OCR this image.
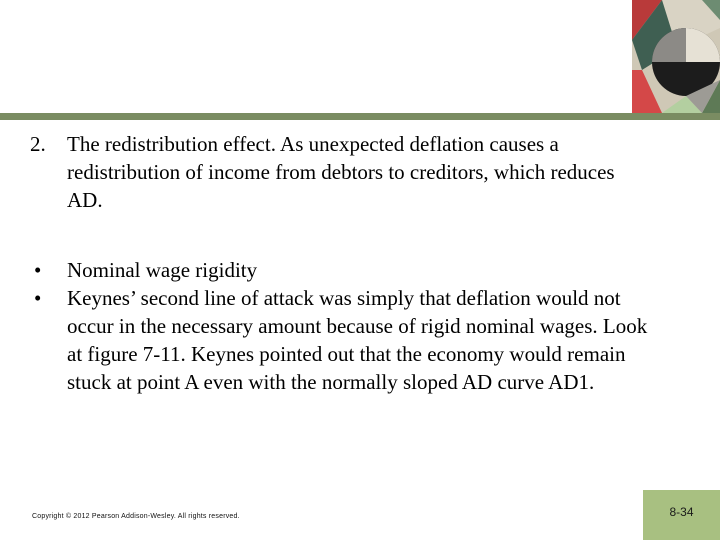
2.	The redistribution effect. As unexpected deflation causes a redistribution of income from debtors to creditors, which reduces AD.
•	Nominal wage rigidity
•	Keynes’ second line of attack was simply that deflation would not occur in the necessary amount because of rigid nominal wages. Look at figure 7-11. Keynes pointed out that the economy would remain stuck at point A even with the normally sloped AD curve AD1.
Copyright © 2012 Pearson Addison-Wesley. All rights reserved.	8-34
